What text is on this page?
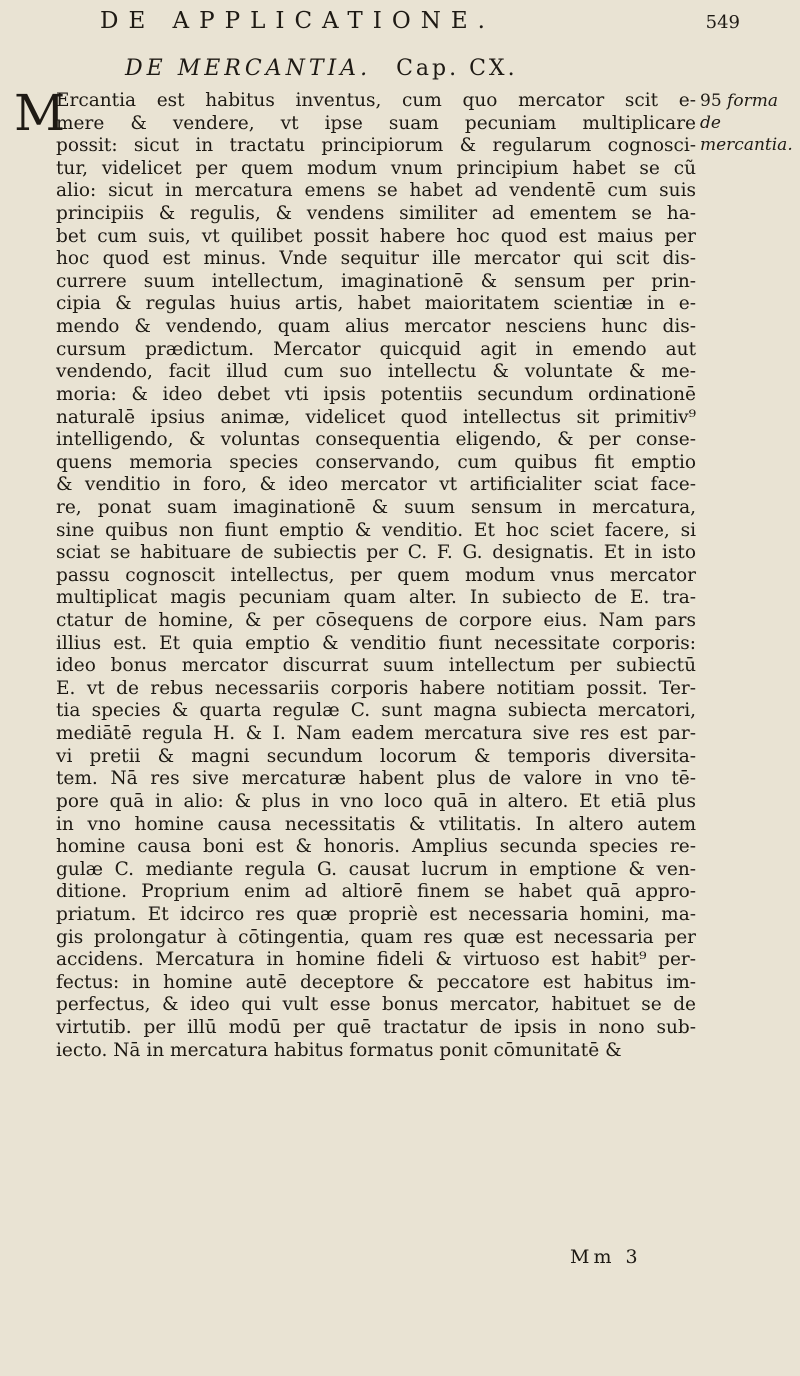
DE APPLICATIONE.	549
DE MERCANTIA. Cap. CX.
95 forma de mercantia.
M
Ercantia est habitus inventus, cum quo mercator scit e-
mere & vendere, vt ipse suam pecuniam multiplicare
possit: sicut in tractatu principiorum & regularum cognosci-
tur, videlicet per quem modum vnum principium habet se cũ
alio: sicut in mercatura emens se habet ad vendentē cum suis
principiis & regulis, & vendens similiter ad ementem se ha-
bet cum suis, vt quilibet possit habere hoc quod est maius per
hoc quod est minus. Vnde sequitur ille mercator qui scit dis-
currere suum intellectum, imaginationē & sensum per prin-
cipia & regulas huius artis, habet maioritatem scientiæ in e-
mendo & vendendo, quam alius mercator nesciens hunc dis-
cursum prædictum. Mercator quicquid agit in emendo aut
vendendo, facit illud cum suo intellectu & voluntate & me-
moria: & ideo debet vti ipsis potentiis secundum ordinationē
naturalē ipsius animæ, videlicet quod intellectus sit primitiv⁹
intelligendo, & voluntas consequentia eligendo, & per conse-
quens memoria species conservando, cum quibus fit emptio
& venditio in foro, & ideo mercator vt artificialiter sciat face-
re, ponat suam imaginationē & suum sensum in mercatura,
sine quibus non fiunt emptio & venditio. Et hoc sciet facere, si
sciat se habituare de subiectis per C. F. G. designatis. Et in isto
passu cognoscit intellectus, per quem modum vnus mercator
multiplicat magis pecuniam quam alter. In subiecto de E. tra-
ctatur de homine, & per cōsequens de corpore eius. Nam pars
illius est. Et quia emptio & venditio fiunt necessitate corporis:
ideo bonus mercator discurrat suum intellectum per subiectū
E. vt de rebus necessariis corporis habere notitiam possit. Ter-
tia species & quarta regulæ C. sunt magna subiecta mercatori,
mediātē regula H. & I. Nam eadem mercatura sive res est par-
vi pretii & magni secundum locorum & temporis diversita-
tem. Nā res sive mercaturæ habent plus de valore in vno tē-
pore quā in alio: & plus in vno loco quā in altero. Et etiā plus
in vno homine causa necessitatis & vtilitatis. In altero autem
homine causa boni est & honoris. Amplius secunda species re-
gulæ C. mediante regula G. causat lucrum in emptione & ven-
ditione. Proprium enim ad altiorē finem se habet quā appro-
priatum. Et idcirco res quæ propriè est necessaria homini, ma-
gis prolongatur à cōtingentia, quam res quæ est necessaria per
accidens. Mercatura in homine fideli & virtuoso est habit⁹ per-
fectus: in homine autē deceptore & peccatore est habitus im-
perfectus, & ideo qui vult esse bonus mercator, habituet se de
virtutib. per illū modū per quē tractatur de ipsis in nono sub-
iecto. Nā in mercatura habitus formatus ponit cōmunitatē &
Mm 3
